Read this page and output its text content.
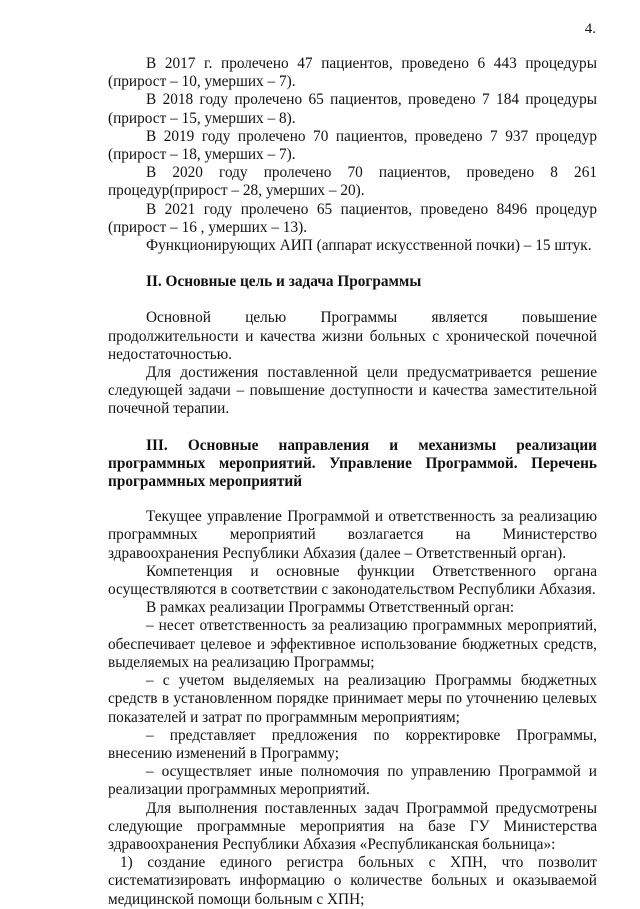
4.

В 2017 г. пролечено 47 пациентов, проведено 6 443 процедуры (прирост – 10, умерших – 7).

В 2018 году пролечено 65 пациентов, проведено 7 184 процедуры (прирост – 15, умерших – 8).

В 2019 году пролечено 70 пациентов, проведено 7 937 процедур (прирост – 18, умерших – 7).

В 2020 году пролечено 70 пациентов, проведено 8 261 процедур(прирост – 28, умерших – 20).

В 2021 году пролечено 65 пациентов, проведено 8496 процедур (прирост – 16 , умерших – 13).

Функционирующих АИП (аппарат искусственной почки) – 15 штук.

II. Основные цель и задача Программы

Основной целью Программы является повышение продолжительности и качества жизни больных с хронической почечной недостаточностью.

Для достижения поставленной цели предусматривается решение следующей задачи – повышение доступности и качества заместительной почечной терапии.

III. Основные направления и механизмы реализации программных мероприятий. Управление Программой. Перечень программных мероприятий

Текущее управление Программой и ответственность за реализацию программных мероприятий возлагается на Министерство здравоохранения Республики Абхазия (далее – Ответственный орган).

Компетенция и основные функции Ответственного органа осуществляются в соответствии с законодательством Республики Абхазия.

В рамках реализации Программы Ответственный орган:

– несет ответственность за реализацию программных мероприятий, обеспечивает целевое и эффективное использование бюджетных средств, выделяемых на реализацию Программы;

– с учетом выделяемых на реализацию Программы бюджетных средств в установленном порядке принимает меры по уточнению целевых показателей и затрат по программным мероприятиям;

– представляет предложения по корректировке Программы, внесению изменений в Программу;

– осуществляет иные полномочия по управлению Программой и реализации программных мероприятий.

Для выполнения поставленных задач Программой предусмотрены следующие программные мероприятия на базе ГУ Министерства здравоохранения Республики Абхазия «Республиканская больница»:

1) создание единого регистра больных с ХПН, что позволит систематизировать информацию о количестве больных и оказываемой медицинской помощи больным с ХПН;
